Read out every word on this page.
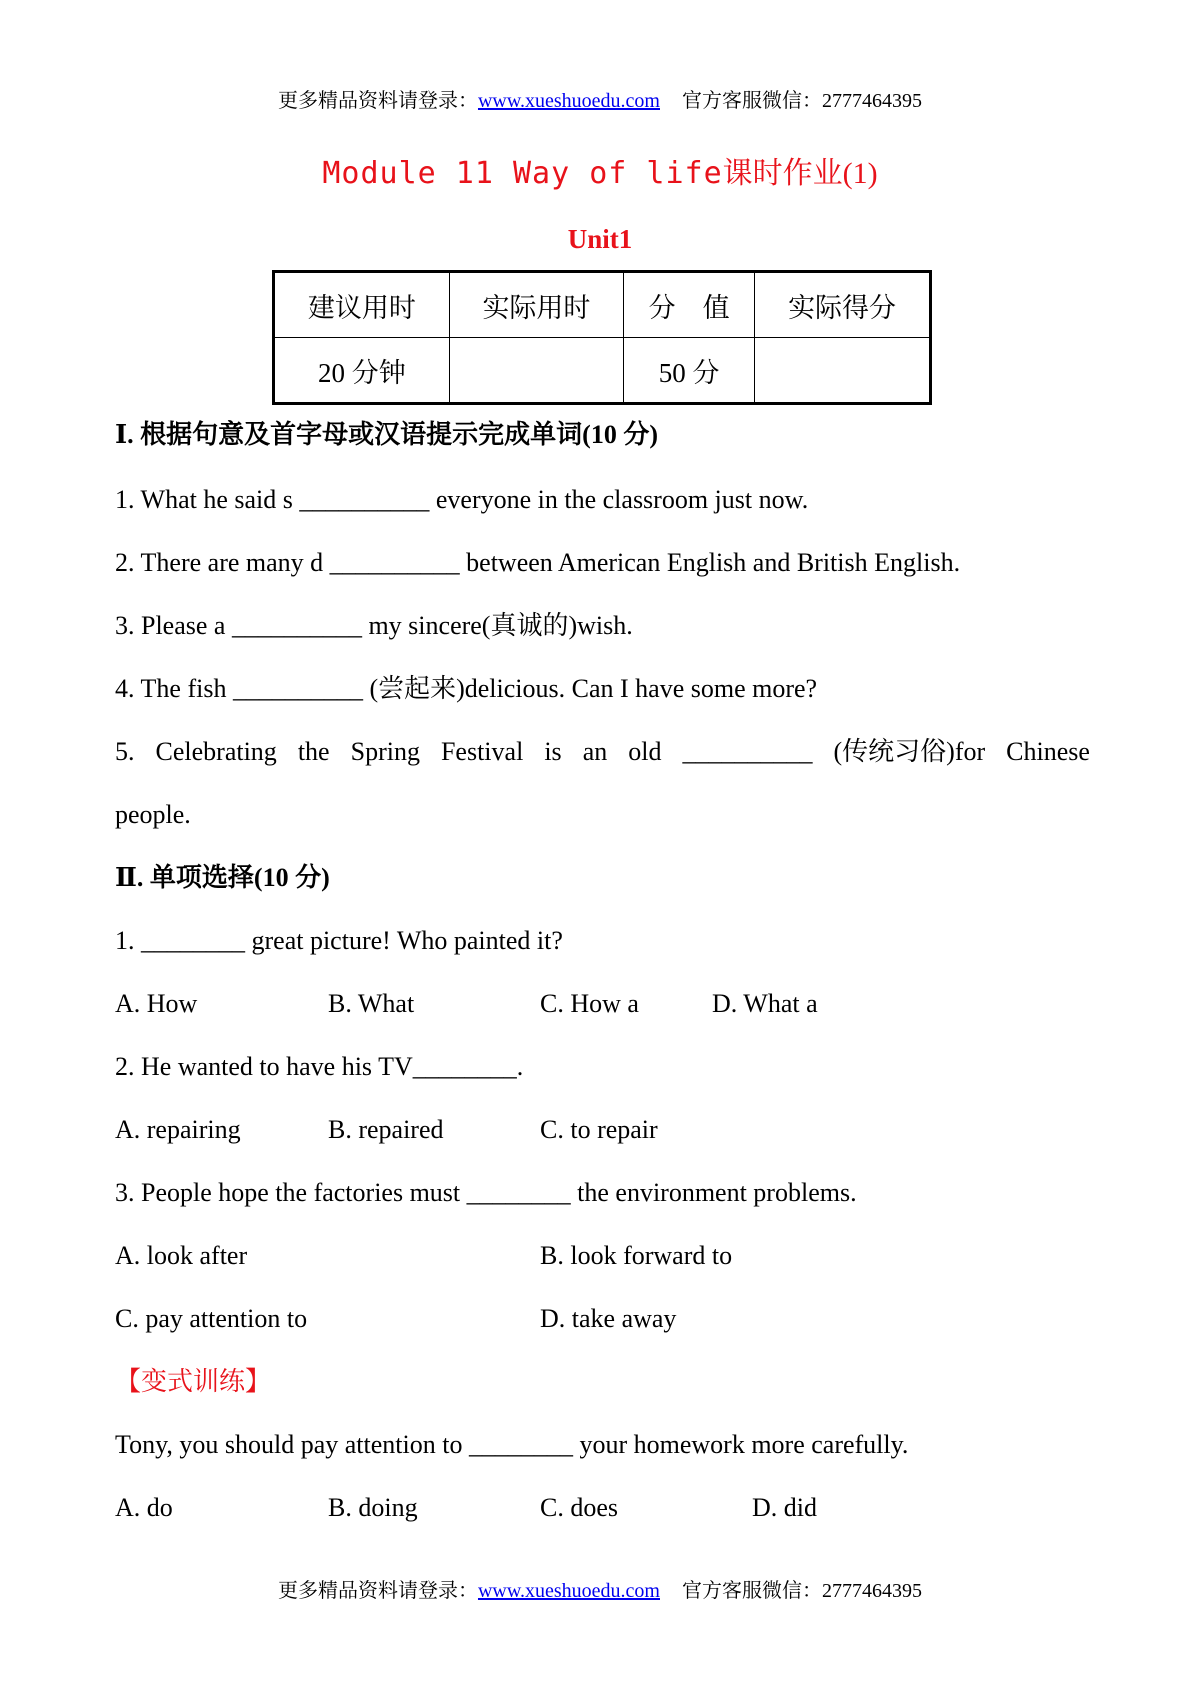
更多精品资料请登录：www.xueshuoedu.com 官方客服微信：2777464395
Module 11 Way of life课时作业(1)
Unit1
建议用时	实际用时	分　值	实际得分
20 分钟		50 分	
Ⅰ. 根据句意及首字母或汉语提示完成单词(10 分)
1. What he said s __________ everyone in the classroom just now.
2. There are many d __________ between American English and British English.
3. Please a __________ my sincere(真诚的)wish.
4. The fish __________ (尝起来)delicious. Can I have some more?
5. Celebrating the Spring Festival is an old __________ (传统习俗)for Chinese
people.
Ⅱ. 单项选择(10 分)
1. ________ great picture! Who painted it?
A. How	B. What	C. How a	D. What a
2. He wanted to have his TV________.
A. repairing	B. repaired	C. to repair
3. People hope the factories must ________ the environment problems.
A. look after	B. look forward to
C. pay attention to	D. take away
【变式训练】
Tony, you should pay attention to ________ your homework more carefully.
A. do	B. doing	C. does	D. did
更多精品资料请登录：www.xueshuoedu.com 官方客服微信：2777464395
